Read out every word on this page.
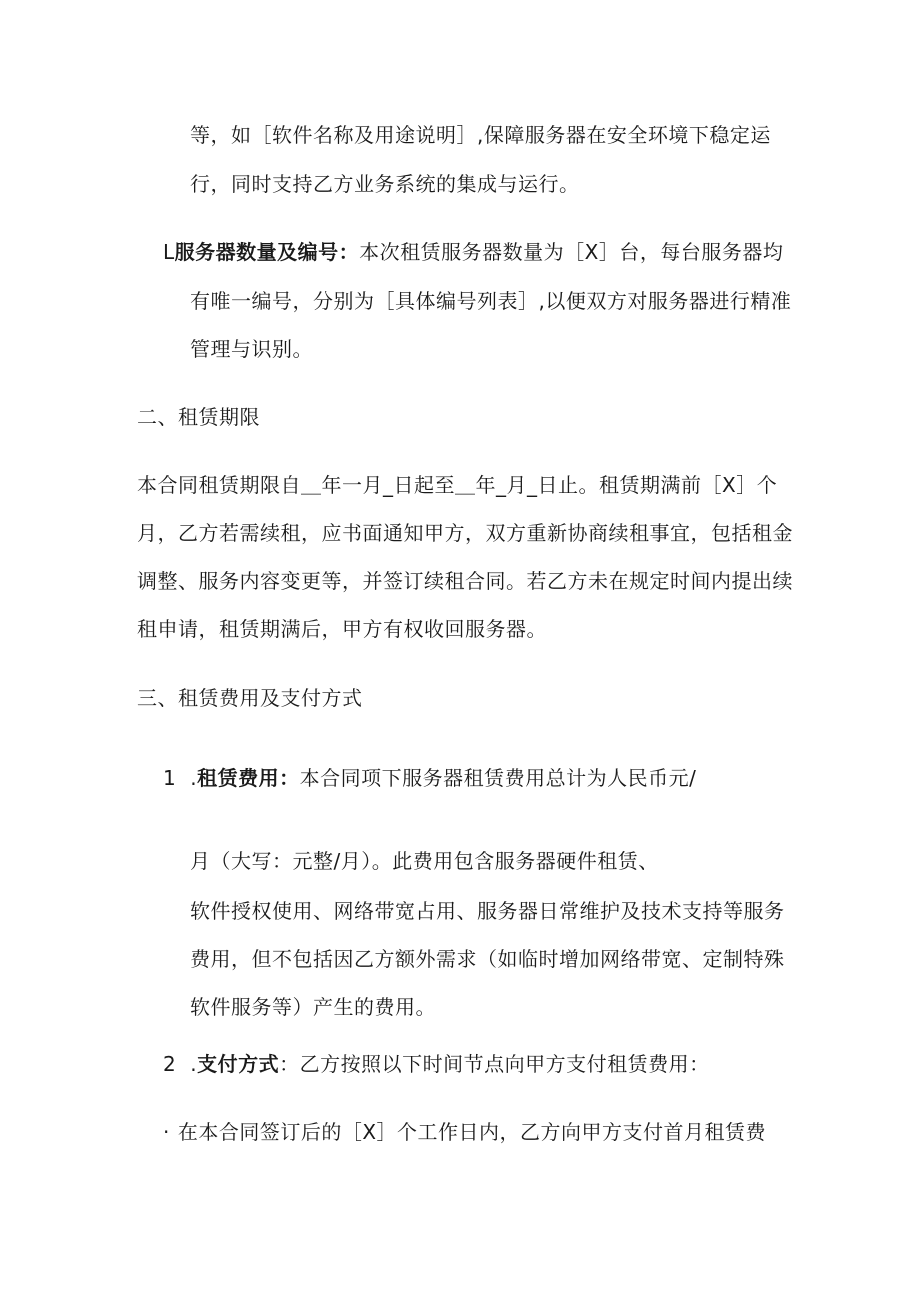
等，如［软件名称及用途说明］,保障服务器在安全环境下稳定运
行，同时支持乙方业务系统的集成与运行。
L服务器数量及编号：本次租赁服务器数量为［X］台，每台服务器均
有唯一编号，分别为［具体编号列表］,以便双方对服务器进行精准
管理与识别。
二、租赁期限
本合同租赁期限自＿年一月_日起至＿年_月_日止。租赁期满前［X］个
月，乙方若需续租，应书面通知甲方，双方重新协商续租事宜，包括租金
调整、服务内容变更等，并签订续租合同。若乙方未在规定时间内提出续
租申请，租赁期满后，甲方有权收回服务器。
三、租赁费用及支付方式
1 .租赁费用：本合同项下服务器租赁费用总计为人民币元/
月（大写：元整/月）。此费用包含服务器硬件租赁、
软件授权使用、网络带宽占用、服务器日常维护及技术支持等服务
费用，但不包括因乙方额外需求（如临时增加网络带宽、定制特殊
软件服务等）产生的费用。
2 .支付方式：乙方按照以下时间节点向甲方支付租赁费用：
· 在本合同签订后的［X］个工作日内，乙方向甲方支付首月租赁费
